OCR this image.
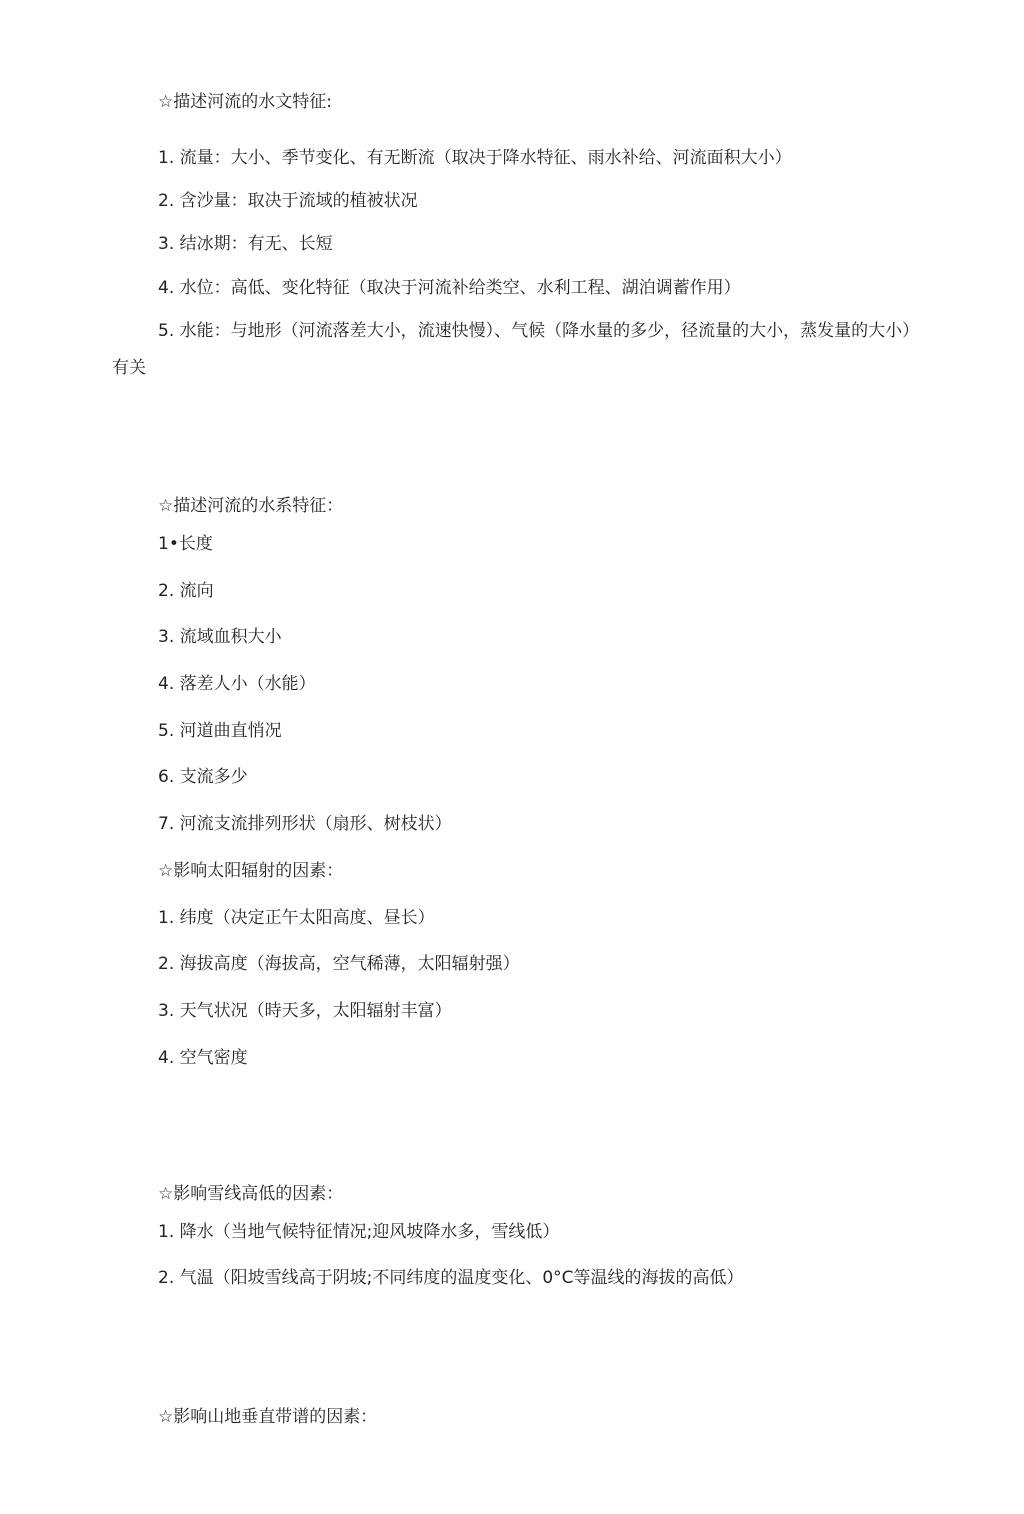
☆描述河流的水文特征:
1. 流量：大小、季节变化、有无断流（取决于降水特征、雨水补给、河流面积大小）
2. 含沙量：取决于流域的植被状况
3. 结冰期：有无、长短
4. 水位：高低、变化特征（取决于河流补给类空、水利工程、湖泊调蓄作用）
5. 水能：与地形（河流落差大小，流速快慢）、气候（降水量的多少，径流量的大小，蒸发量的大小）有关
☆描述河流的水系特征：
1•长度
2. 流向
3. 流域血积大小
4. 落差人小（水能）
5. 河道曲直悄况
6. 支流多少
7. 河流支流排列形状（扇形、树枝状）
☆影响太阳辐射的因素：
1. 纬度（决定正午太阳高度、昼长）
2. 海拔高度（海拔高，空气稀薄，太阳辐射强）
3. 天气状况（時天多，太阳辐射丰富）
4. 空气密度
☆影响雪线高低的因素：
1. 降水（当地气候特征情况;迎风坡降水多，雪线低）
2. 气温（阳坡雪线高于阴坡;不同纬度的温度变化、0°C等温线的海拔的高低）
☆影响山地垂直带谱的因素：
